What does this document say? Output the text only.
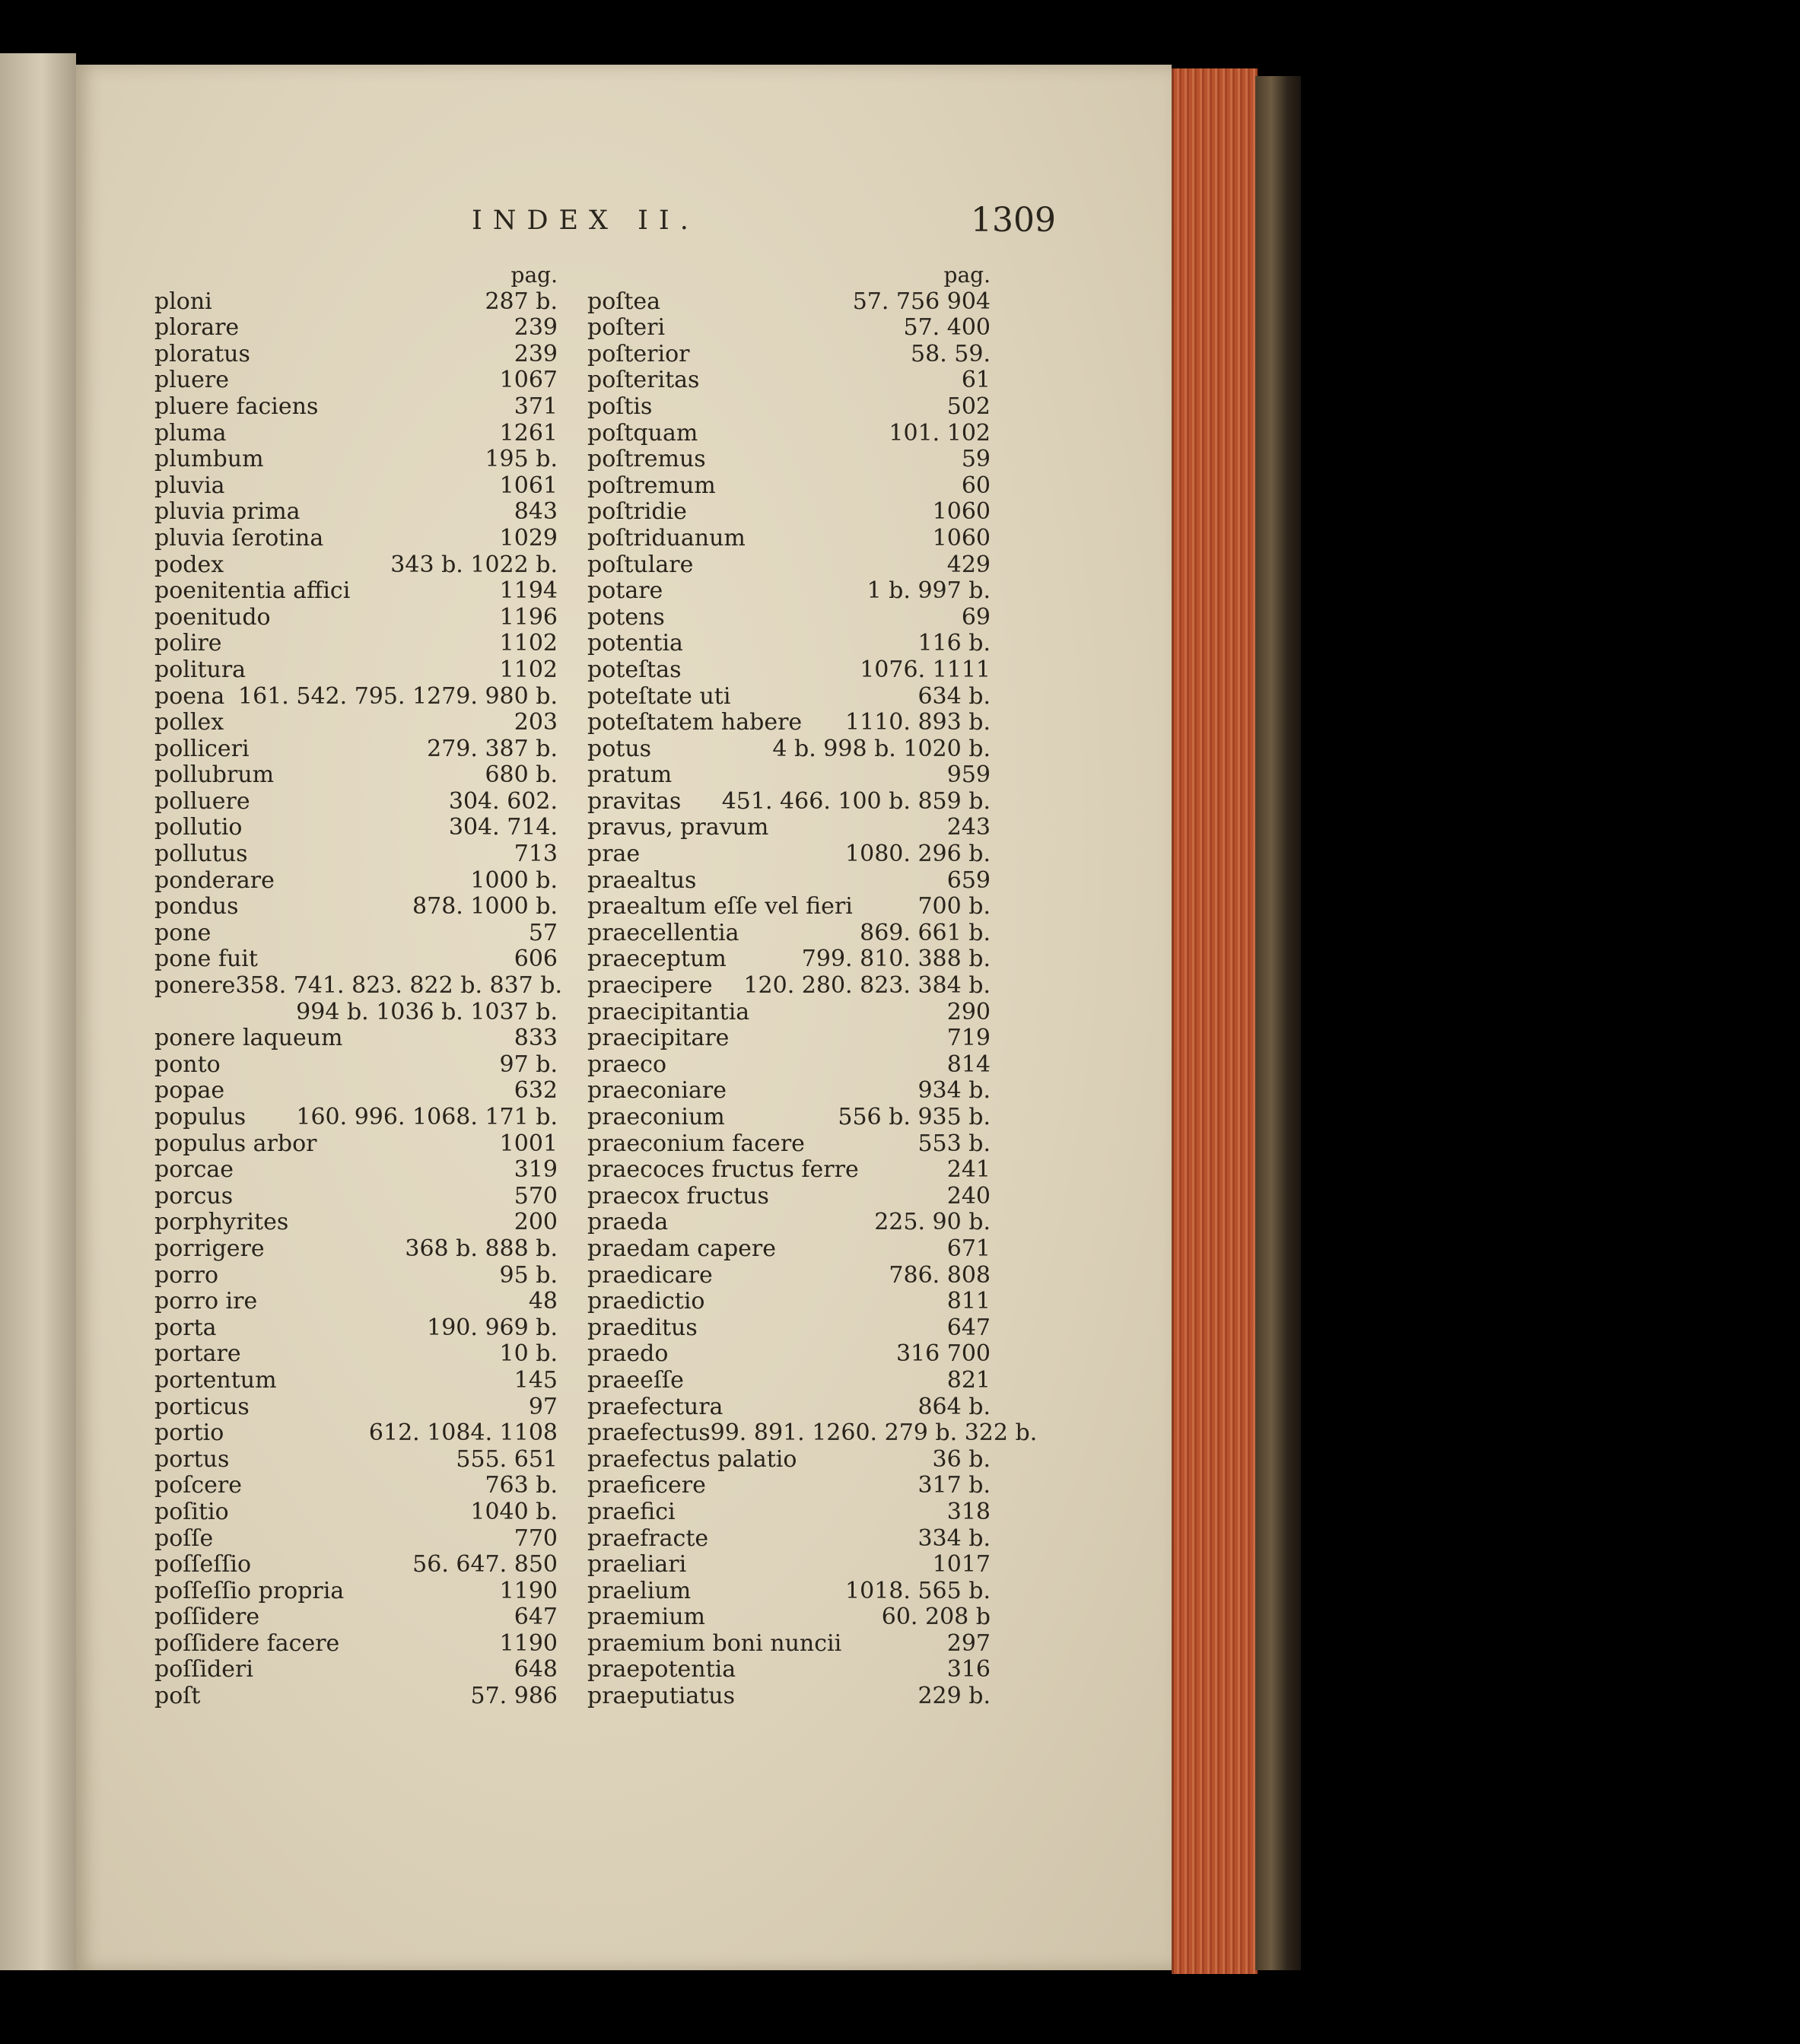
INDEX II.	1309
pag.
ploni	287 b.
plorare	239
ploratus	239
pluere	1067
pluere faciens	371
pluma	1261
plumbum	195 b.
pluvia	1061
pluvia prima	843
pluvia ſerotina	1029
podex	343 b. 1022 b.
poenitentia affici	1194
poenitudo	1196
polire	1102
politura	1102
poena 161. 542. 795. 1279. 980 b.
pollex	203
polliceri	279. 387 b.
pollubrum	680 b.
polluere	304. 602.
pollutio	304. 714.
pollutus	713
ponderare	1000 b.
pondus	878. 1000 b.
pone	57
pone fuit	606
ponere 358. 741. 823. 822 b. 837 b.
994 b. 1036 b. 1037 b.
ponere laqueum	833
ponto	97 b.
popae	632
populus 160. 996. 1068. 171 b.
populus arbor	1001
porcae	319
porcus	570
porphyrites	200
porrigere	368 b. 888 b.
porro	95 b.
porro ire	48
porta	190. 969 b.
portare	10 b.
portentum	145
porticus	97
portio	612. 1084. 1108
portus	555. 651
poſcere	763 b.
poſitio	1040 b.
poſſe	770
poſſeſſio	56. 647. 850
poſſeſſio propria	1190
poſſidere	647
poſſidere facere	1190
poſſideri	648
poſt	57. 986
pag.
poſtea	57. 756 904
poſteri	57. 400
poſterior	58. 59.
poſteritas	61
poſtis	502
poſtquam	101. 102
poſtremus	59
poſtremum	60
poſtridie	1060
poſtriduanum	1060
poſtulare	429
potare	1 b. 997 b.
potens	69
potentia	116 b.
poteſtas	1076. 1111
poteſtate uti	634 b.
poteſtatem habere 1110. 893 b.
potus	4 b. 998 b. 1020 b.
pratum	959
pravitas 451. 466. 100 b. 859 b.
pravus, pravum	243
prae	1080. 296 b.
praealtus	659
praealtum eſſe vel fieri	700 b.
praecellentia	869. 661 b.
praeceptum	799. 810. 388 b.
praecipere 120. 280. 823. 384 b.
praecipitantia	290
praecipitare	719
praeco	814
praeconiare	934 b.
praeconium	556 b. 935 b.
praeconium facere	553 b.
praecoces fructus ferre	241
praecox fructus	240
praeda	225. 90 b.
praedam capere	671
praedicare	786. 808
praedictio	811
praeditus	647
praedo	316 700
praeeſſe	821
praefectura	864 b.
praefectus 99. 891. 1260. 279 b. 322 b.
praefectus palatio	36 b.
praeficere	317 b.
praefici	318
praefracte	334 b.
praeliari	1017
praelium	1018. 565 b.
praemium	60. 208 b
praemium boni nuncii	297
praepotentia	316
praeputiatus	229 b.
